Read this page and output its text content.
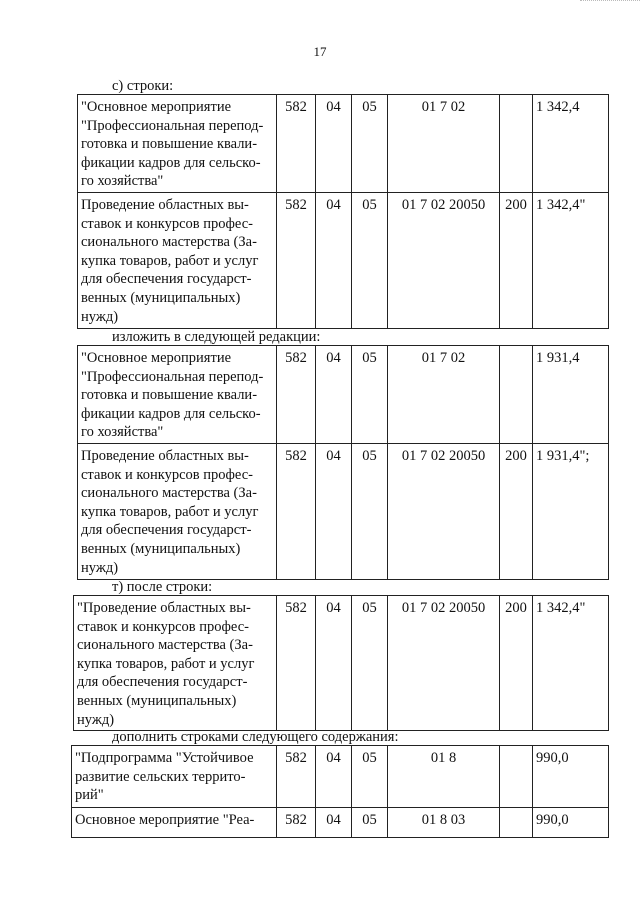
17
с) строки:
"Основное мероприятие "Профессиональная перепод-готовка и повышение квали-фикации кадров для сельско-го хозяйства"	582	04	05	01 7 02		1 342,4
Проведение областных вы-ставок и конкурсов профес-сионального мастерства (За-купка товаров, работ и услуг для обеспечения государст-венных (муниципальных) нужд)	582	04	05	01 7 02 20050	200	1 342,4"
изложить в следующей редакции:
"Основное мероприятие "Профессиональная перепод-готовка и повышение квали-фикации кадров для сельско-го хозяйства"	582	04	05	01 7 02		1 931,4
Проведение областных вы-ставок и конкурсов профес-сионального мастерства (За-купка товаров, работ и услуг для обеспечения государст-венных (муниципальных) нужд)	582	04	05	01 7 02 20050	200	1 931,4";
т) после строки:
"Проведение областных вы-ставок и конкурсов профес-сионального мастерства (За-купка товаров, работ и услуг для обеспечения государст-венных (муниципальных) нужд)	582	04	05	01 7 02 20050	200	1 342,4"
дополнить строками следующего содержания:
"Подпрограмма "Устойчивое развитие сельских террито-рий"	582	04	05	01 8		990,0
Основное мероприятие "Реа-	582	04	05	01 8 03		990,0
